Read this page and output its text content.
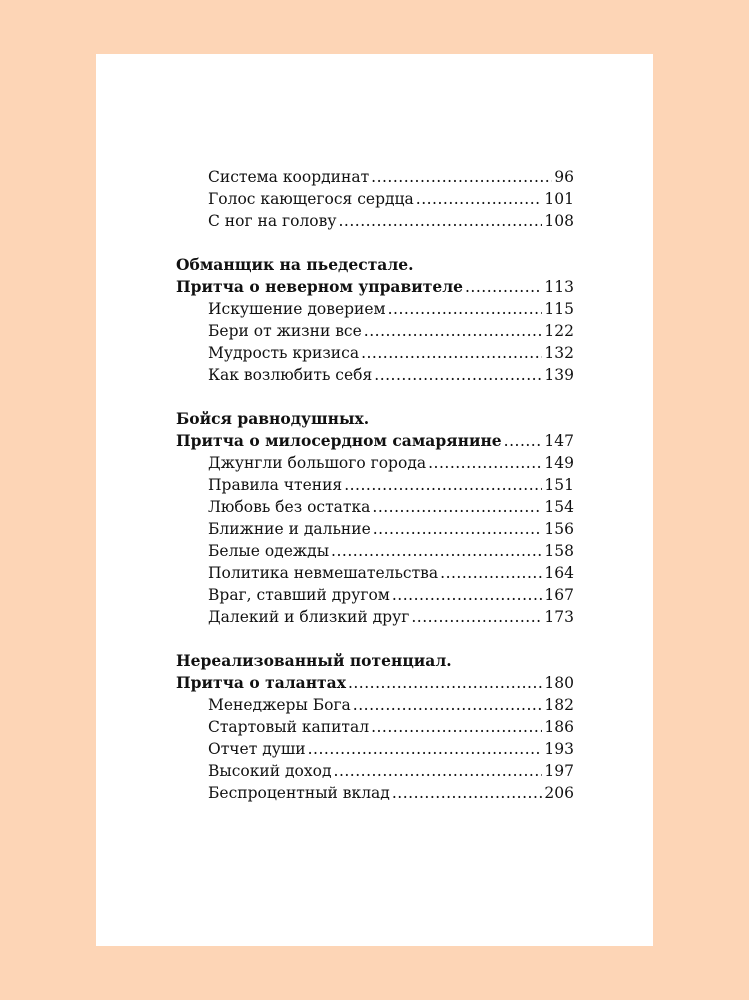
Система координат .....	96
Голос кающегося сердца .....	101
С ног на голову .....	108
Обманщик на пьедестале.
Притча о неверном управителе .....	113
Искушение доверием .....	115
Бери от жизни все .....	122
Мудрость кризиса .....	132
Как возлюбить себя .....	139
Бойся равнодушных.
Притча о милосердном самарянине .....	147
Джунгли большого города .....	149
Правила чтения .....	151
Любовь без остатка .....	154
Ближние и дальние .....	156
Белые одежды .....	158
Политика невмешательства .....	164
Враг, ставший другом .....	167
Далекий и близкий друг .....	173
Нереализованный потенциал.
Притча о талантах .....	180
Менеджеры Бога .....	182
Стартовый капитал .....	186
Отчет души .....	193
Высокий доход .....	197
Беспроцентный вклад .....	206
